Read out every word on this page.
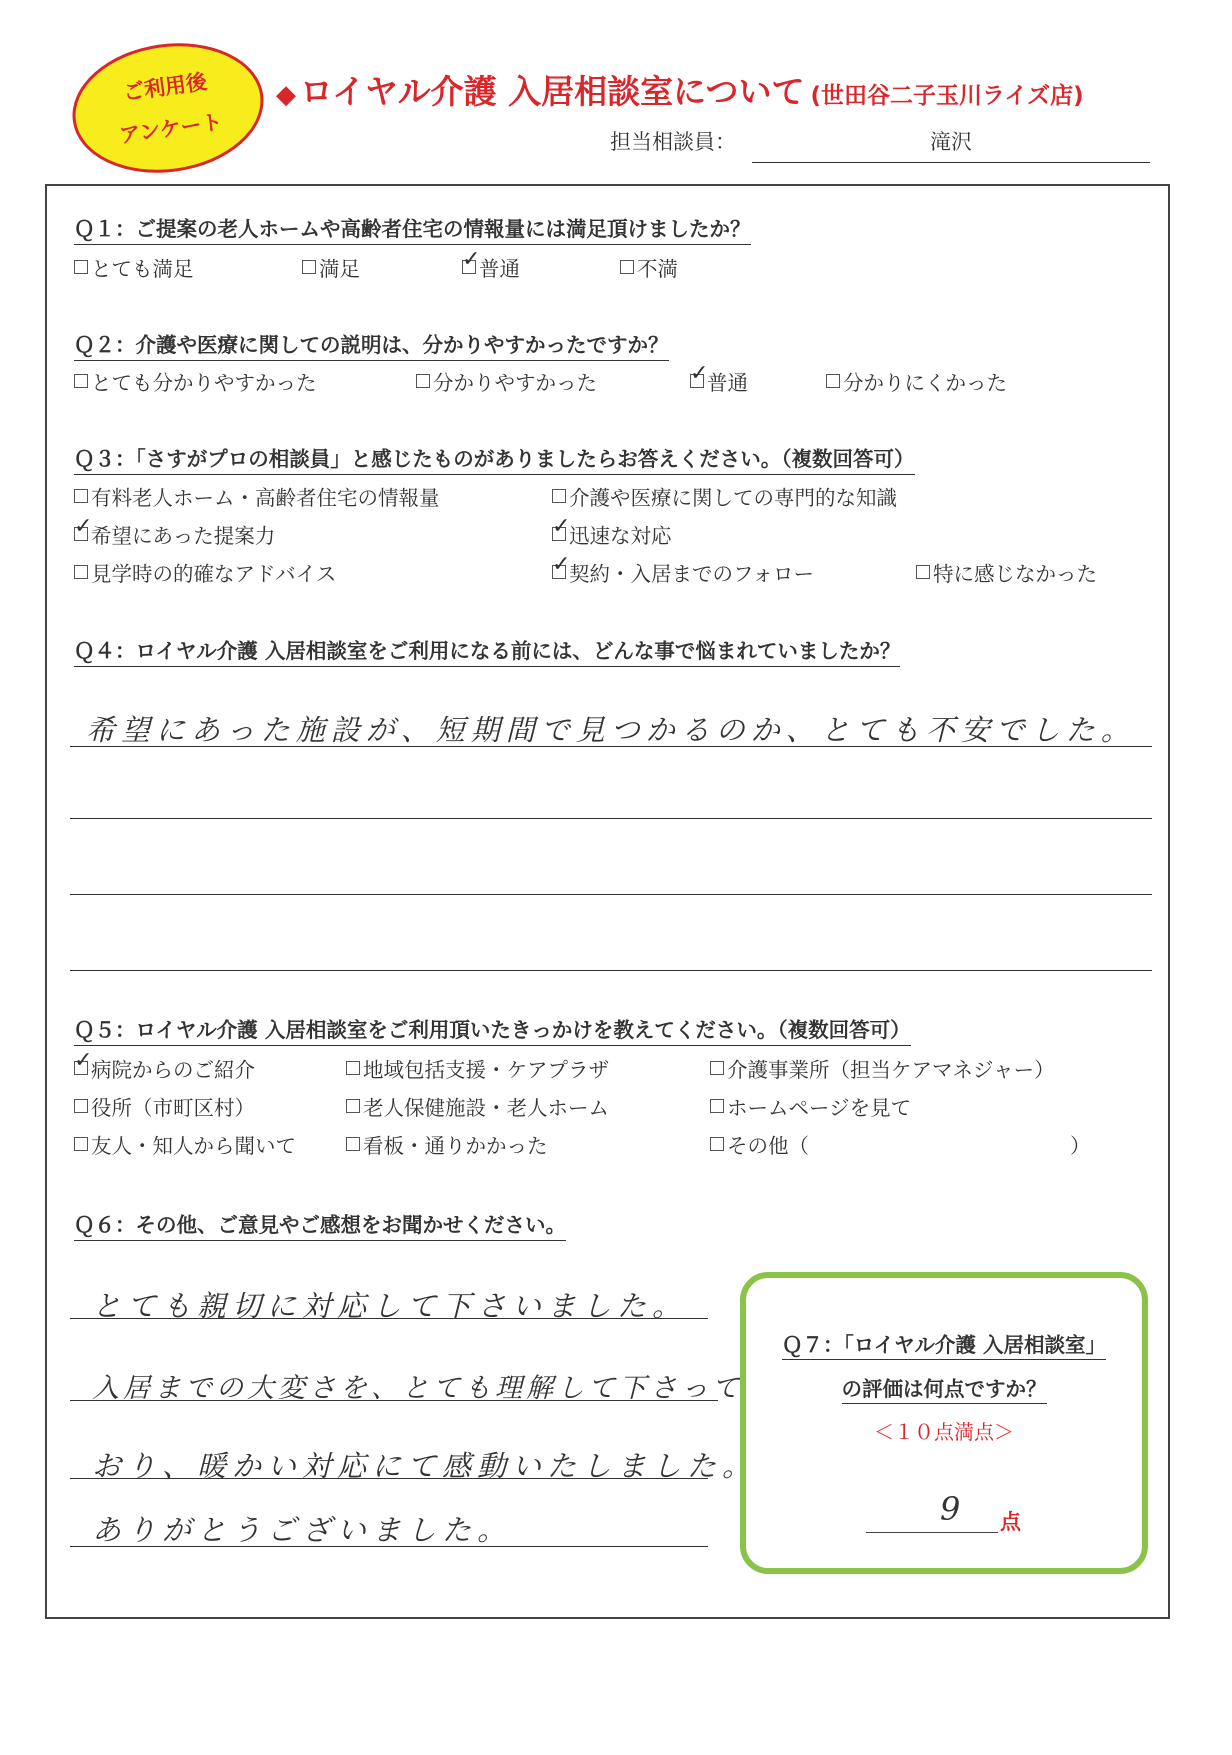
ご利用後
アンケート
◆ ロイヤル介護 入居相談室について (世田谷二子玉川ライズ店)
担当相談員：	滝沢
Ｑ１：ご提案の老人ホームや高齢者住宅の情報量には満足頂けましたか？
とても満足	満足 ✓	普通	不満
Ｑ２：介護や医療に関しての説明は、分かりやすかったですか？
とても分かりやすかった	分かりやすかった ✓	普通	分かりにくかった
Ｑ３：「さすがプロの相談員」と感じたものがありましたらお答えください。（複数回答可）
有料老人ホーム・高齢者住宅の情報量	介護や医療に関しての専門的な知識
✓
希望にあった提案力 ✓	迅速な対応
見学時の的確なアドバイス ✓	契約・入居までのフォロー	特に感じなかった
Ｑ４：ロイヤル介護 入居相談室をご利用になる前には、どんな事で悩まれていましたか？
希望にあった施設が、短期間で見つかるのか、とても不安でした。
Ｑ５：ロイヤル介護 入居相談室をご利用頂いたきっかけを教えてください。（複数回答可）
✓
病院からのご紹介	地域包括支援・ケアプラザ	介護事業所（担当ケアマネジャー）
役所（市町区村）	老人保健施設・老人ホーム	ホームページを見て
友人・知人から聞いて	看板・通りかかった	その他（	）
Ｑ６：その他、ご意見やご感想をお聞かせください。
とても親切に対応して下さいました。
入居までの大変さを、とても理解して下さって
おり、暖かい対応にて感動いたしました。
ありがとうございました。
Ｑ７：「ロイヤル介護 入居相談室」
の評価は何点ですか？
＜１０点満点＞
9 点
